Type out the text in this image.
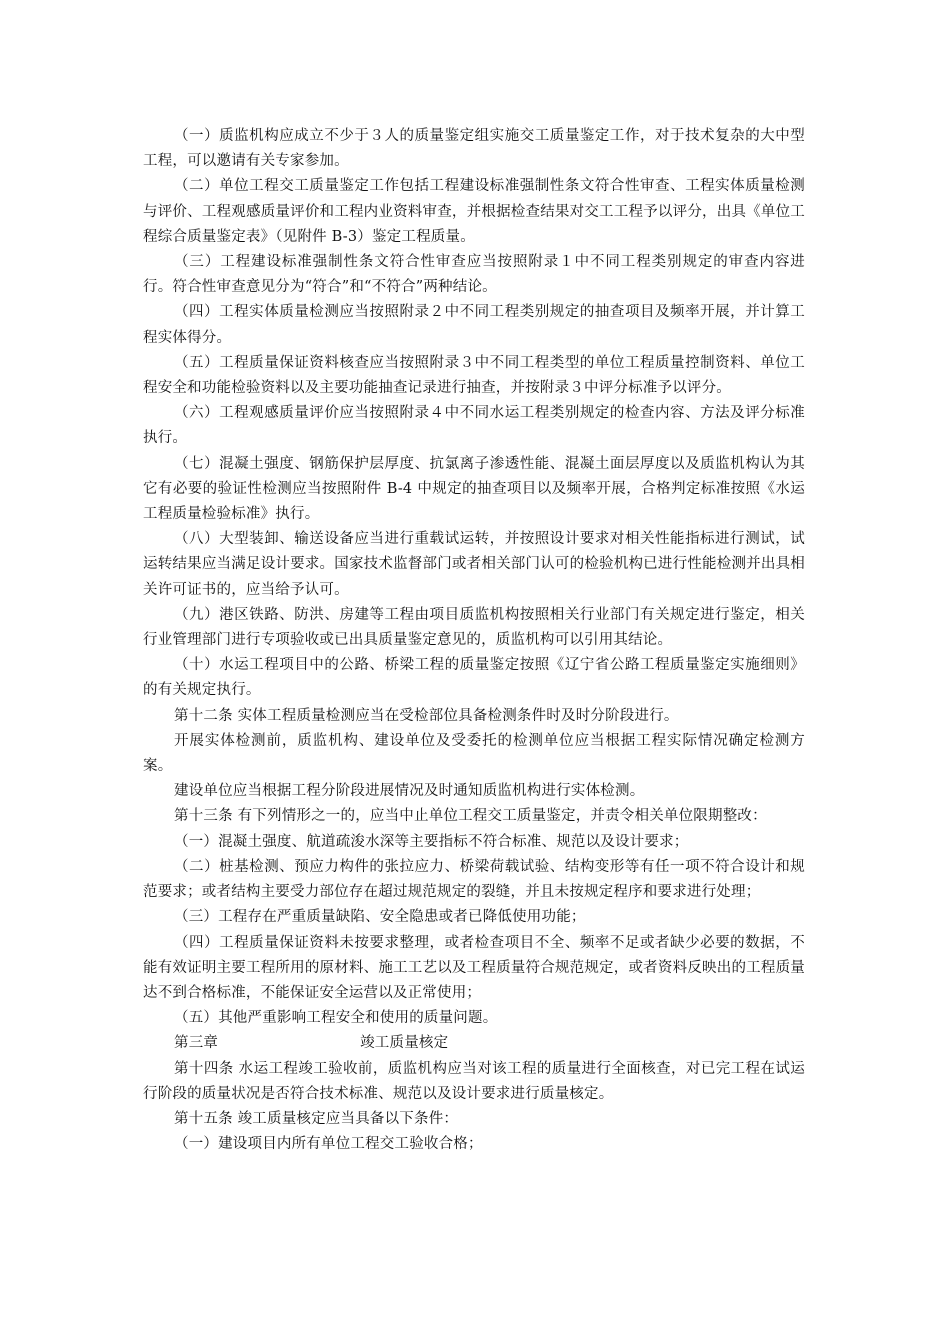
（一）质监机构应成立不少于３人的质量鉴定组实施交工质量鉴定工作，对于技术复杂的大中型工程，可以邀请有关专家参加。

（二）单位工程交工质量鉴定工作包括工程建设标准强制性条文符合性审查、工程实体质量检测与评价、工程观感质量评价和工程内业资料审查，并根据检查结果对交工工程予以评分，出具《单位工程综合质量鉴定表》（见附件 B-3）鉴定工程质量。

（三）工程建设标准强制性条文符合性审查应当按照附录１中不同工程类别规定的审查内容进行。符合性审查意见分为“符合”和“不符合”两种结论。

（四）工程实体质量检测应当按照附录２中不同工程类别规定的抽查项目及频率开展，并计算工程实体得分。

（五）工程质量保证资料核查应当按照附录３中不同工程类型的单位工程质量控制资料、单位工程安全和功能检验资料以及主要功能抽查记录进行抽查，并按附录３中评分标准予以评分。

（六）工程观感质量评价应当按照附录４中不同水运工程类别规定的检查内容、方法及评分标准执行。

（七）混凝土强度、钢筋保护层厚度、抗氯离子渗透性能、混凝土面层厚度以及质监机构认为其它有必要的验证性检测应当按照附件 B-4 中规定的抽查项目以及频率开展，合格判定标准按照《水运工程质量检验标准》执行。

（八）大型装卸、输送设备应当进行重载试运转，并按照设计要求对相关性能指标进行测试，试运转结果应当满足设计要求。国家技术监督部门或者相关部门认可的检验机构已进行性能检测并出具相关许可证书的，应当给予认可。

（九）港区铁路、防洪、房建等工程由项目质监机构按照相关行业部门有关规定进行鉴定，相关行业管理部门进行专项验收或已出具质量鉴定意见的，质监机构可以引用其结论。

（十）水运工程项目中的公路、桥梁工程的质量鉴定按照《辽宁省公路工程质量鉴定实施细则》的有关规定执行。

第十二条 实体工程质量检测应当在受检部位具备检测条件时及时分阶段进行。

开展实体检测前，质监机构、建设单位及受委托的检测单位应当根据工程实际情况确定检测方案。

建设单位应当根据工程分阶段进展情况及时通知质监机构进行实体检测。

第十三条 有下列情形之一的，应当中止单位工程交工质量鉴定，并责令相关单位限期整改：

（一）混凝土强度、航道疏浚水深等主要指标不符合标准、规范以及设计要求；

（二）桩基检测、预应力构件的张拉应力、桥梁荷载试验、结构变形等有任一项不符合设计和规范要求；或者结构主要受力部位存在超过规范规定的裂缝，并且未按规定程序和要求进行处理；

（三）工程存在严重质量缺陷、安全隐患或者已降低使用功能；

（四）工程质量保证资料未按要求整理，或者检查项目不全、频率不足或者缺少必要的数据，不能有效证明主要工程所用的原材料、施工工艺以及工程质量符合规范规定，或者资料反映出的工程质量达不到合格标准，不能保证安全运营以及正常使用；

（五）其他严重影响工程安全和使用的质量问题。

第三章	竣工质量核定

第十四条 水运工程竣工验收前，质监机构应当对该工程的质量进行全面核查，对已完工程在试运行阶段的质量状况是否符合技术标准、规范以及设计要求进行质量核定。

第十五条 竣工质量核定应当具备以下条件：

（一）建设项目内所有单位工程交工验收合格；
